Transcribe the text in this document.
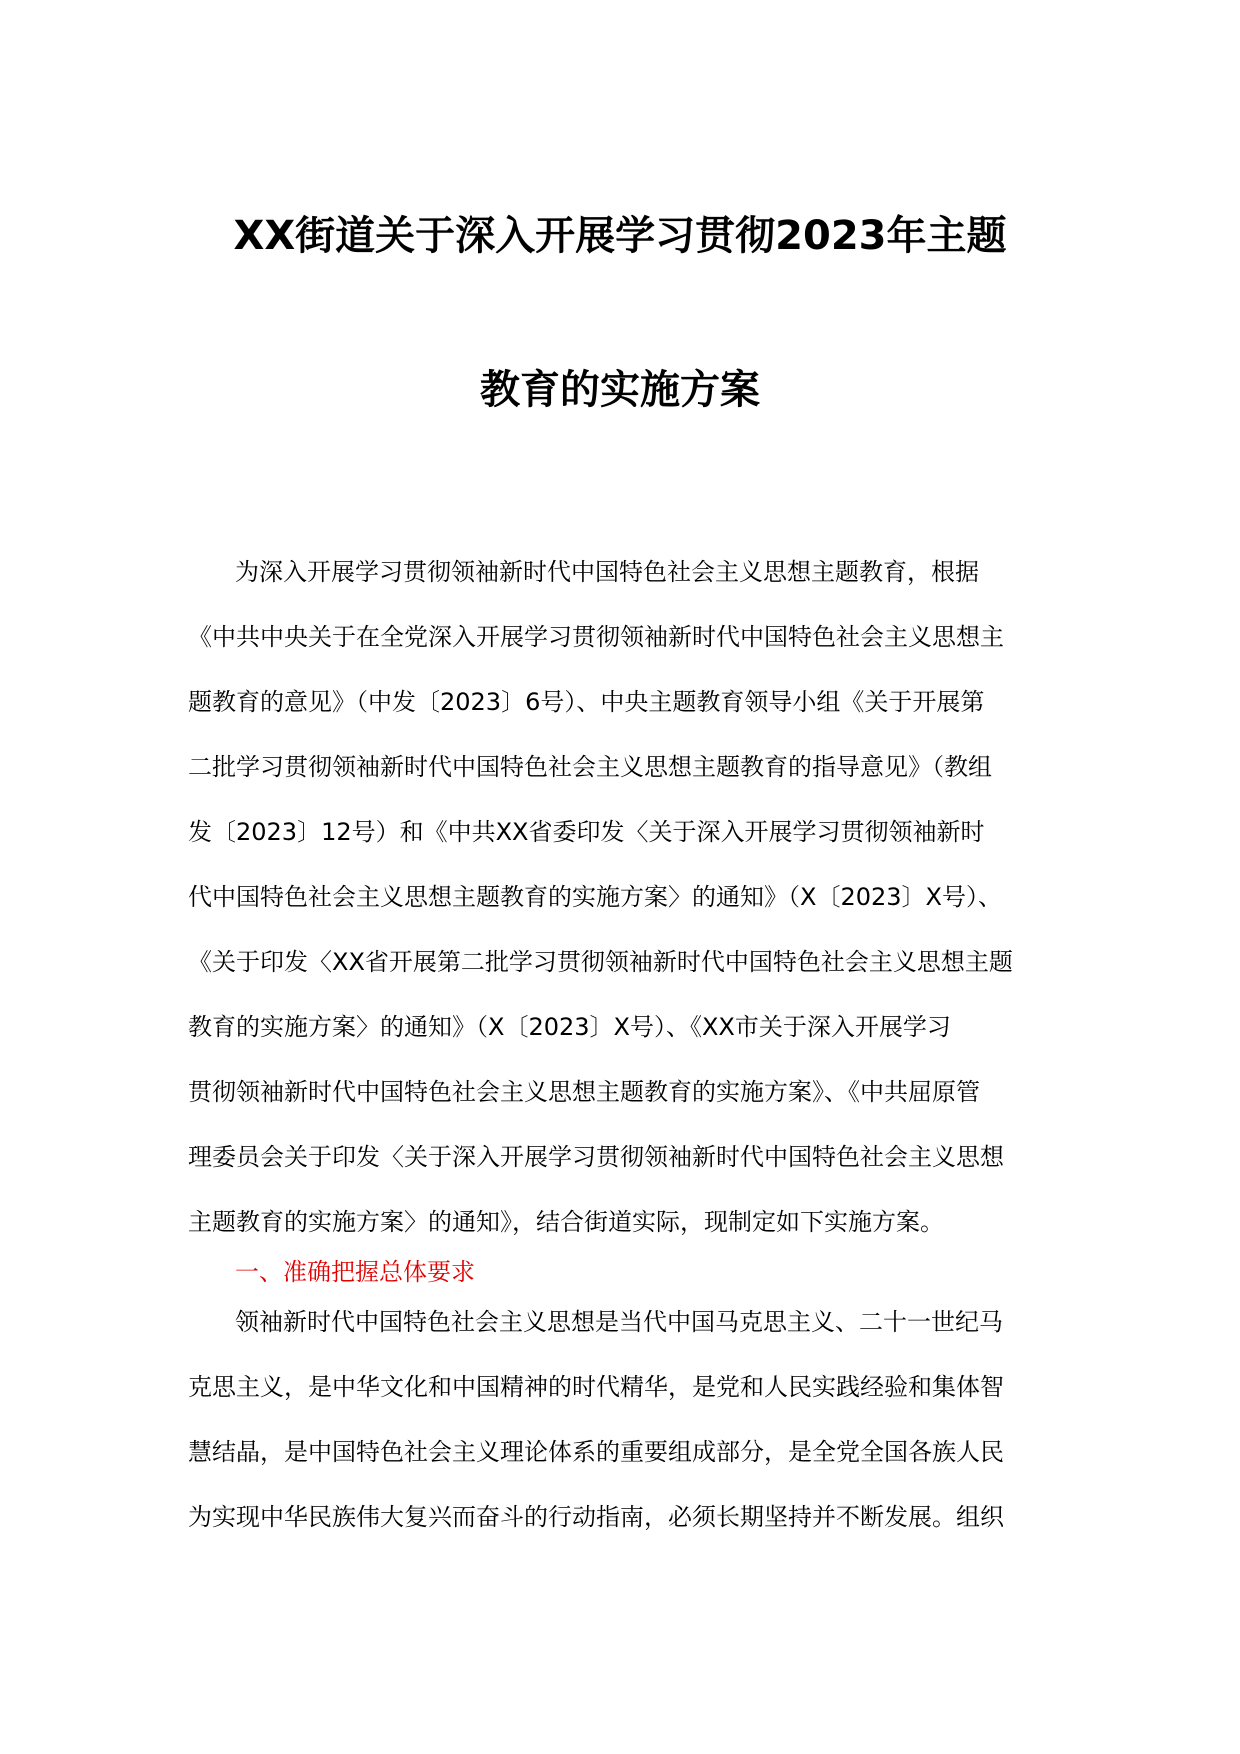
XX街道关于深入开展学习贯彻2023年主题
教育的实施方案
为深入开展学习贯彻领袖新时代中国特色社会主义思想主题教育，根据
《中共中央关于在全党深入开展学习贯彻领袖新时代中国特色社会主义思想主
题教育的意见》（中发〔2023〕6号）、中央主题教育领导小组《关于开展第
二批学习贯彻领袖新时代中国特色社会主义思想主题教育的指导意见》（教组
发〔2023〕12号）和《中共XX省委印发〈关于深入开展学习贯彻领袖新时
代中国特色社会主义思想主题教育的实施方案〉的通知》（X〔2023〕X号）、
《关于印发〈XX省开展第二批学习贯彻领袖新时代中国特色社会主义思想主题
教育的实施方案〉的通知》（X〔2023〕X号）、《XX市关于深入开展学习
贯彻领袖新时代中国特色社会主义思想主题教育的实施方案》、《中共屈原管
理委员会关于印发〈关于深入开展学习贯彻领袖新时代中国特色社会主义思想
主题教育的实施方案〉的通知》，结合街道实际，现制定如下实施方案。
一、准确把握总体要求
领袖新时代中国特色社会主义思想是当代中国马克思主义、二十一世纪马
克思主义，是中华文化和中国精神的时代精华，是党和人民实践经验和集体智
慧结晶，是中国特色社会主义理论体系的重要组成部分，是全党全国各族人民
为实现中华民族伟大复兴而奋斗的行动指南，必须长期坚持并不断发展。组织
